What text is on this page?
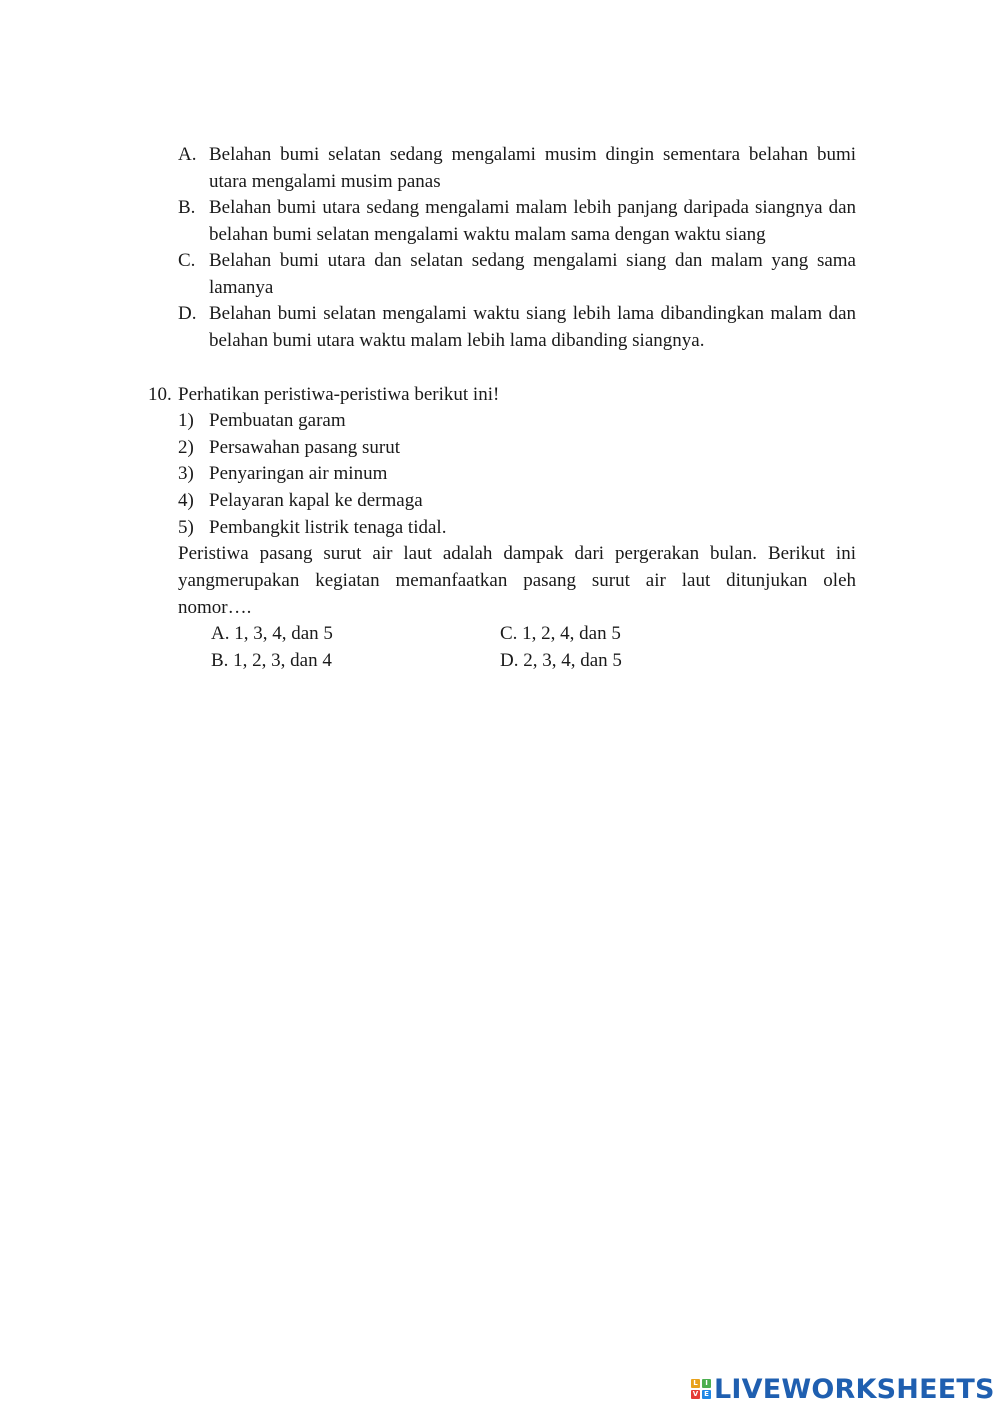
A. Belahan bumi selatan sedang mengalami musim dingin sementara belahan bumi utara mengalami musim panas
B. Belahan bumi utara sedang mengalami malam lebih panjang daripada siangnya dan belahan bumi selatan mengalami waktu malam sama dengan waktu siang
C. Belahan bumi utara dan selatan sedang mengalami siang dan malam yang sama lamanya
D. Belahan bumi selatan mengalami waktu siang lebih lama dibandingkan malam dan belahan bumi utara waktu malam lebih lama dibanding siangnya.
10. Perhatikan peristiwa-peristiwa berikut ini!
1) Pembuatan garam
2) Persawahan pasang surut
3) Penyaringan air minum
4) Pelayaran kapal ke dermaga
5) Pembangkit listrik tenaga tidal.
Peristiwa pasang surut air laut adalah dampak dari pergerakan bulan. Berikut ini
yangmerupakan kegiatan memanfaatkan pasang surut air laut ditunjukan oleh
nomor….
A. 1, 3, 4, dan 5
B. 1, 2, 3, dan 4
C. 1, 2, 4, dan 5
D. 2, 3, 4, dan 5
L	I
V E LIVEWORKSHEETS
